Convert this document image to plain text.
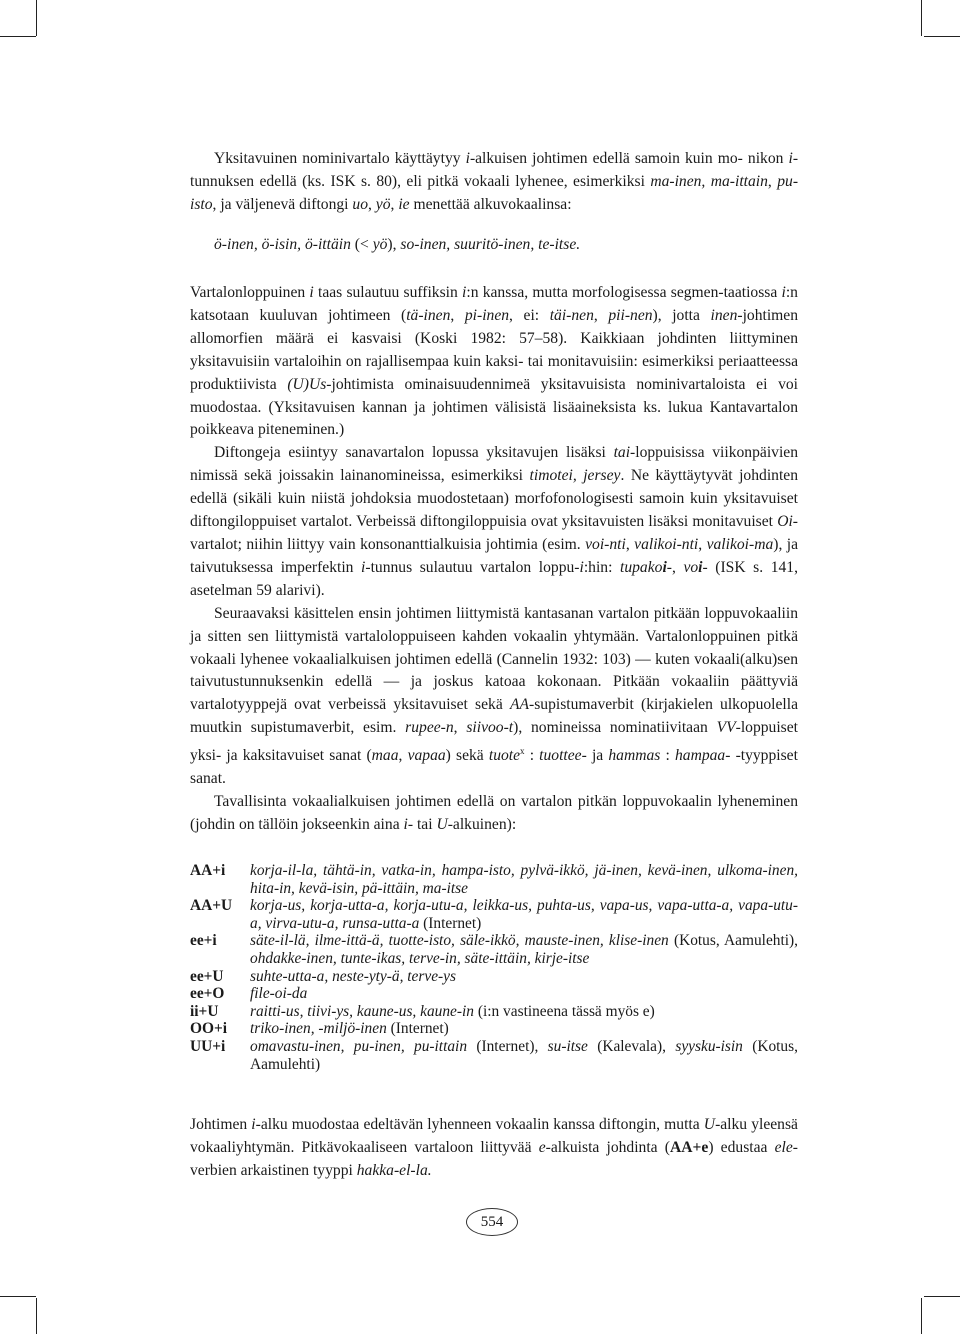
Yksitavuinen nominivartalo käyttäytyy i-alkuisen johtimen edellä samoin kuin mo- nikon i-tunnuksen edellä (ks. ISK s. 80), eli pitkä vokaali lyhenee, esimerkiksi ma-inen, ma-ittain, pu-isto, ja väljenevä diftongi uo, yö, ie menettää alkuvokaalinsa:

ö-inen, ö-isin, ö-ittäin (< yö), so-inen, suuritö-inen, te-itse.

Vartalonloppuinen i taas sulautuu suffiksin i:n kanssa, mutta morfologisessa segmen-taatiossa i:n katsotaan kuuluvan johtimeen (tä-inen, pi-inen, ei: täi-nen, pii-nen), jotta inen-johtimen allomorfien määrä ei kasvaisi (Koski 1982: 57–58). Kaikkiaan johdinten liittyminen yksitavuisiin vartaloihin on rajallisempaa kuin kaksi- tai monitavuisiin: esimerkiksi periaatteessa produktiivista (U)Us-johtimista ominaisuudennimeä yksitavuisista nominivartaloista ei voi muodostaa. (Yksitavuisen kannan ja johtimen välisistä lisäaineksista ks. lukua Kantavartalon poikkeava piteneminen.)

Diftongeja esiintyy sanavartalon lopussa yksitavujen lisäksi tai-loppuisissa viikonpäivien nimissä sekä joissakin lainanomineissa, esimerkiksi timotei, jersey. Ne käyttäytyvät johdinten edellä (sikäli kuin niistä johdoksia muodostetaan) morfofonologisesti samoin kuin yksitavuiset diftongiloppuiset vartalot. Verbeissä diftongiloppuisia ovat yksitavuisten lisäksi monitavuiset Oi-vartalot; niihin liittyy vain konsonanttialkuisia johtimia (esim. voi-nti, valikoi-nti, valikoi-ma), ja taivutuksessa imperfektin i-tunnus sulautuu vartalon loppu-i:hin: tupakoi-, voi- (ISK s. 141, asetelman 59 alarivi).

Seuraavaksi käsittelen ensin johtimen liittymistä kantasanan vartalon pitkään loppuvokaaliin ja sitten sen liittymistä vartaloloppuiseen kahden vokaalin yhtymään. Vartalonloppuinen pitkä vokaali lyhenee vokaalialkuisen johtimen edellä (Cannelin 1932: 103) — kuten vokaali(alku)sen taivutustunnuksenkin edellä — ja joskus katoaa kokonaan. Pitkään vokaaliin päättyviä vartalotyyppejä ovat verbeissä yksitavuiset sekä AA-supistumaverbit (kirjakielen ulkopuolella muutkin supistumaverbit, esim. rupee-n, siivoo-t), nomineissa nominatiivitaan VV-loppuiset yksi- ja kaksitavuiset sanat (maa, vapaa) sekä tuote$^x$ : tuottee- ja hammas : hampaa- -tyyppiset sanat.

Tavallisinta vokaalialkuisen johtimen edellä on vartalon pitkän loppuvokaalin lyheneminen (johdin on tällöin jokseenkin aina i- tai U-alkuinen):

AA+i	korja-il-la, tähtä-in, vatka-in, hampa-isto, pylvä-ikkö, jä-inen, kevä-inen, ulkoma-inen, hita-in, kevä-isin, pä-ittäin, ma-itse
AA+U	korja-us, korja-utta-a, korja-utu-a, leikka-us, puhta-us, vapa-us, vapa-utta-a, vapa-utu-a, virva-utu-a, runsa-utta-a (Internet)
ee+i	säte-il-lä, ilme-ittä-ä, tuotte-isto, säle-ikkö, mauste-inen, klise-inen (Kotus, Aamulehti), ohdakke-inen, tunte-ikas, terve-in, säte-ittäin, kirje-itse
ee+U	suhte-utta-a, neste-yty-ä, terve-ys
ee+O	file-oi-da
ii+U	raitti-us, tiivi-ys, kaune-us, kaune-in (i:n vastineena tässä myös e)
OO+i	triko-inen, -miljö-inen (Internet)
UU+i	omavastu-inen, pu-inen, pu-ittain (Internet), su-itse (Kalevala), syysku-isin (Kotus, Aamulehti)

Johtimen i-alku muodostaa edeltävän lyhenneen vokaalin kanssa diftongin, mutta U-alku yleensä vokaaliyhtymän. Pitkävokaaliseen vartaloon liittyvää e-alkuista johdinta (AA+e) edustaa ele-verbien arkaistinen tyyppi hakka-el-la.

554
